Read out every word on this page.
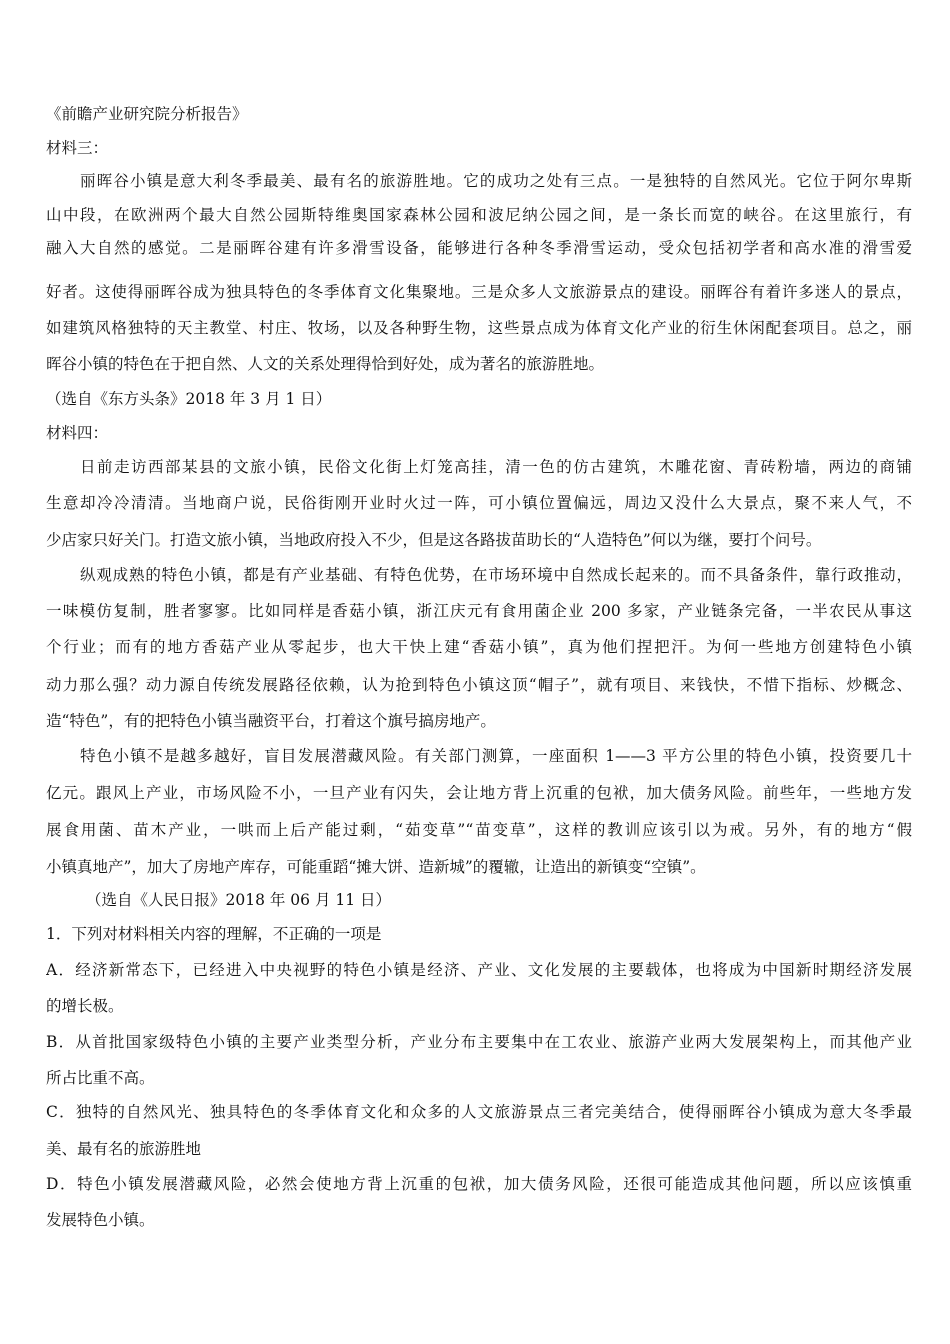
《前瞻产业研究院分析报告》
材料三：
丽晖谷小镇是意大利冬季最美、最有名的旅游胜地。它的成功之处有三点。一是独特的自然风光。它位于阿尔卑斯
山中段，在欧洲两个最大自然公园斯特维奥国家森林公园和波尼纳公园之间，是一条长而宽的峡谷。在这里旅行，有
融入大自然的感觉。二是丽晖谷建有许多滑雪设备，能够进行各种冬季滑雪运动，受众包括初学者和高水准的滑雪爱
好者。这使得丽晖谷成为独具特色的冬季体育文化集聚地。三是众多人文旅游景点的建设。丽晖谷有着许多迷人的景点，
如建筑风格独特的天主教堂、村庄、牧场，以及各种野生物，这些景点成为体育文化产业的衍生休闲配套项目。总之，丽
晖谷小镇的特色在于把自然、人文的关系处理得恰到好处，成为著名的旅游胜地。
（选自《东方头条》2018 年 3 月 1 日）
材料四：
日前走访西部某县的文旅小镇，民俗文化街上灯笼高挂，清一色的仿古建筑，木雕花窗、青砖粉墙，两边的商铺
生意却冷冷清清。当地商户说，民俗街刚开业时火过一阵，可小镇位置偏远，周边又没什么大景点，聚不来人气，不
少店家只好关门。打造文旅小镇，当地政府投入不少，但是这各路拔苗助长的“人造特色”何以为继，要打个问号。
纵观成熟的特色小镇，都是有产业基础、有特色优势，在市场环境中自然成长起来的。而不具备条件，靠行政推动，
一味模仿复制，胜者寥寥。比如同样是香菇小镇，浙江庆元有食用菌企业 200 多家，产业链条完备，一半农民从事这
个行业；而有的地方香菇产业从零起步，也大干快上建“香菇小镇”，真为他们捏把汗。为何一些地方创建特色小镇
动力那么强？动力源自传统发展路径依赖，认为抢到特色小镇这顶“帽子”，就有项目、来钱快，不惜下指标、炒概念、
造“特色”，有的把特色小镇当融资平台，打着这个旗号搞房地产。
特色小镇不是越多越好，盲目发展潜藏风险。有关部门测算，一座面积 1——3 平方公里的特色小镇，投资要几十
亿元。跟风上产业，市场风险不小，一旦产业有闪失，会让地方背上沉重的包袱，加大债务风险。前些年，一些地方发
展食用菌、苗木产业，一哄而上后产能过剩，“茹变草”“苗变草”，这样的教训应该引以为戒。另外，有的地方“假
小镇真地产”，加大了房地产库存，可能重蹈“摊大饼、造新城”的覆辙，让造出的新镇变“空镇”。
（选自《人民日报》2018 年 06 月 11 日）
1．下列对材料相关内容的理解，不正确的一项是
A．经济新常态下，已经进入中央视野的特色小镇是经济、产业、文化发展的主要载体，也将成为中国新时期经济发展
的增长极。
B．从首批国家级特色小镇的主要产业类型分析，产业分布主要集中在工农业、旅游产业两大发展架构上，而其他产业
所占比重不高。
C．独特的自然风光、独具特色的冬季体育文化和众多的人文旅游景点三者完美结合，使得丽晖谷小镇成为意大冬季最
美、最有名的旅游胜地
D．特色小镇发展潜藏风险，必然会使地方背上沉重的包袱，加大债务风险，还很可能造成其他问题，所以应该慎重
发展特色小镇。
